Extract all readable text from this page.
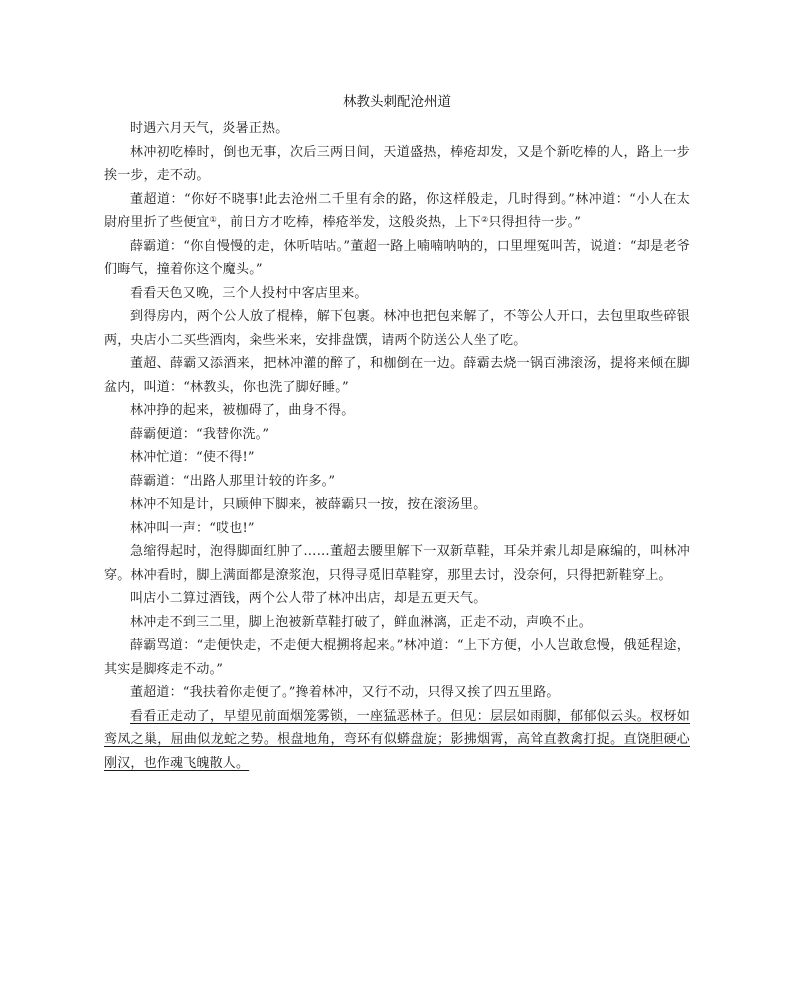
林教头刺配沧州道

时遇六月天气，炎暑正热。

林冲初吃棒时，倒也无事，次后三两日间，天道盛热，棒疮却发，又是个新吃棒的人，路上一步挨一步，走不动。

董超道：“你好不晓事!此去沧州二千里有余的路，你这样般走，几时得到。”林冲道：“小人在太尉府里折了些便宜①，前日方才吃棒，棒疮举发，这般炎热，上下②只得担待一步。”

薛霸道：“你自慢慢的走，休听咭咕。”董超一路上喃喃呐呐的，口里埋冤叫苦，说道：“却是老爷们晦气，撞着你这个魔头。”

看看天色又晚，三个人投村中客店里来。

到得房内，两个公人放了棍棒，解下包裹。林冲也把包来解了，不等公人开口，去包里取些碎银两，央店小二买些酒肉，籴些米来，安排盘馔，请两个防送公人坐了吃。

董超、薛霸又添酒来，把林冲灌的醉了，和枷倒在一边。薛霸去烧一锅百沸滚汤，提将来倾在脚盆内，叫道：“林教头，你也洗了脚好睡。”

林冲挣的起来，被枷碍了，曲身不得。

薛霸便道：“我替你洗。”

林冲忙道：“使不得!”

薛霸道：“出路人那里计较的许多。”

林冲不知是计，只顾伸下脚来，被薛霸只一按，按在滚汤里。

林冲叫一声：“哎也!”

急缩得起时，泡得脚面红肿了……董超去腰里解下一双新草鞋，耳朵并索儿却是麻编的，叫林冲穿。林冲看时，脚上满面都是潦浆泡，只得寻觅旧草鞋穿，那里去讨，没奈何，只得把新鞋穿上。

叫店小二算过酒钱，两个公人带了林冲出店，却是五更天气。

林冲走不到三二里，脚上泡被新草鞋打破了，鲜血淋漓，正走不动，声唤不止。

薛霸骂道：“走便快走，不走便大棍搠将起来。”林冲道：“上下方便，小人岂敢怠慢，俄延程途，其实是脚疼走不动。”

董超道：“我扶着你走便了。”搀着林冲，又行不动，只得又挨了四五里路。

看看正走动了，早望见前面烟笼雾锁，一座猛恶林子。但见：层层如雨脚，郁郁似云头。杈枒如鸾凤之巢，屈曲似龙蛇之势。根盘地角，弯环有似蟒盘旋；影拂烟霄，高耸直教禽打捉。直饶胆硬心刚汉，也作魂飞魄散人。
